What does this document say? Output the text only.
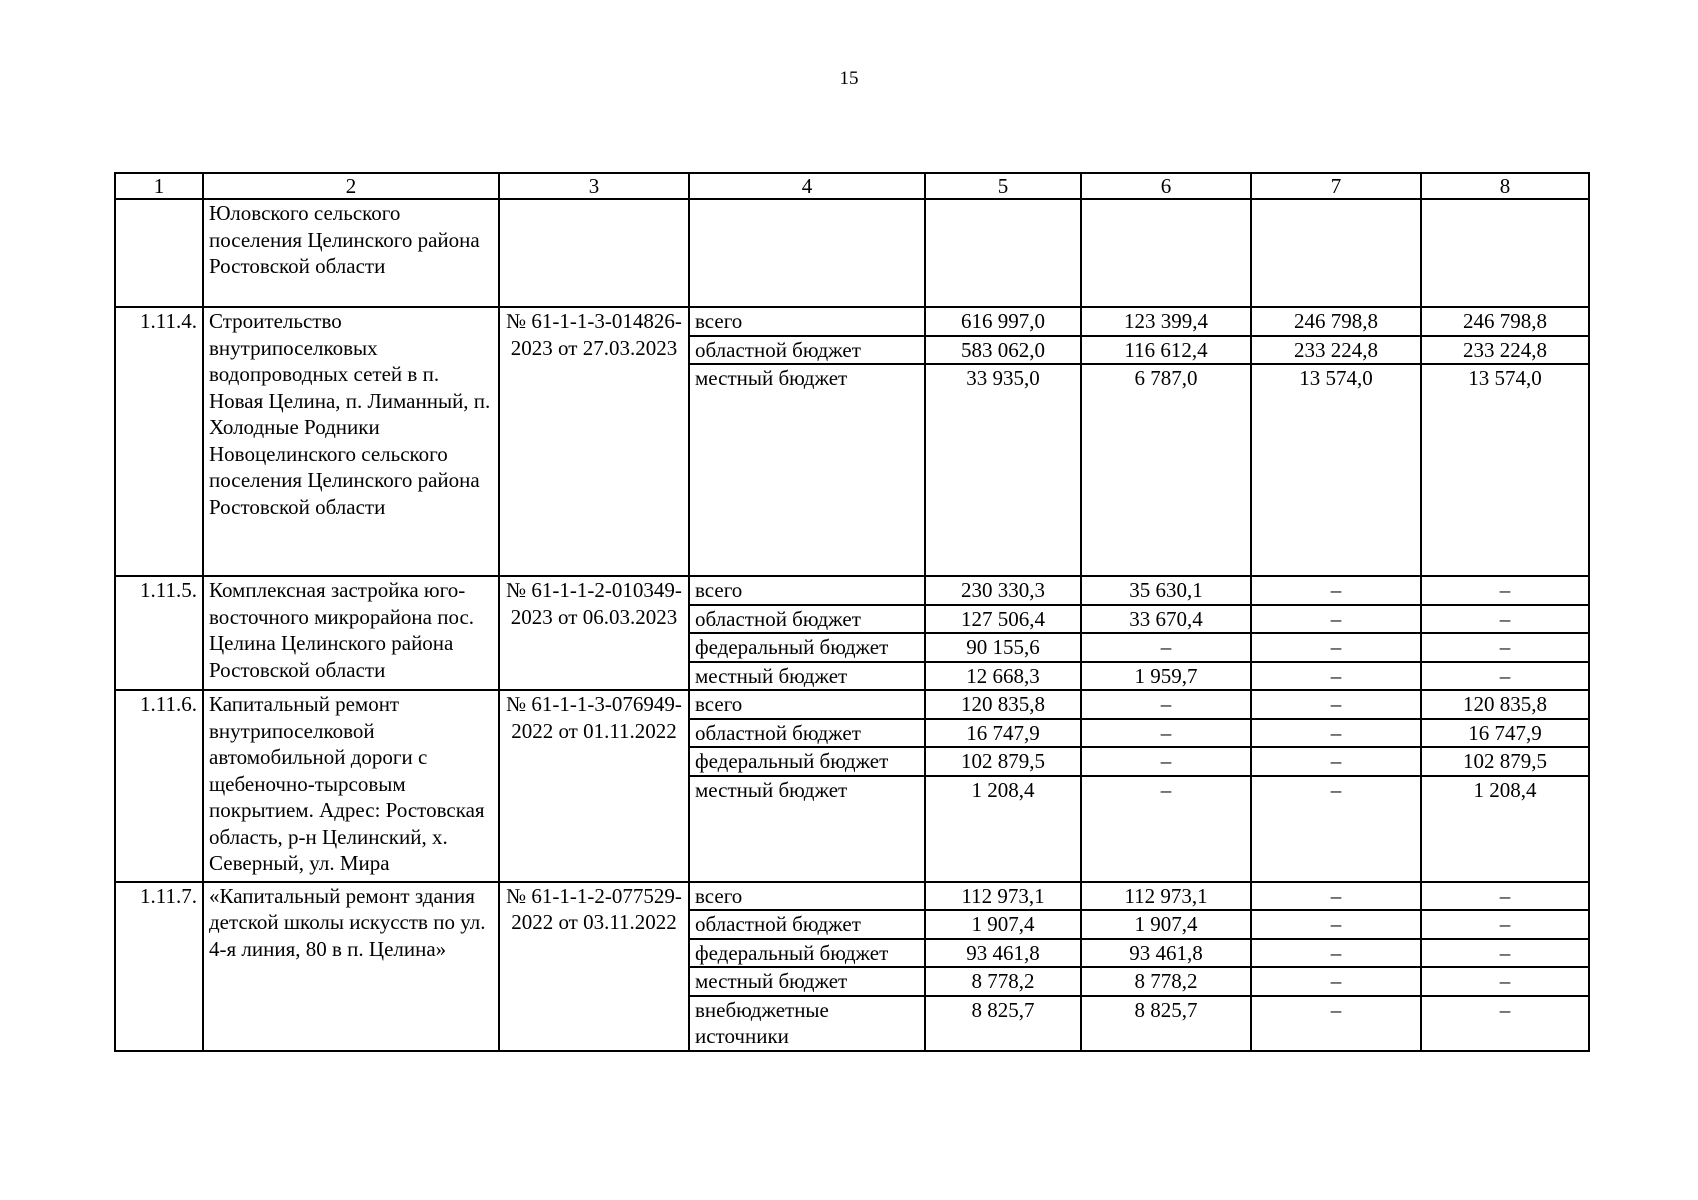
15
1	2	3	4	5	6	7	8
	Юловского сельского поселения Целинского района Ростовской области						
1.11.4.	Строительство внутрипоселковых водопроводных сетей в п. Новая Целина, п. Лиманный, п. Холодные Родники Новоцелинского сельского поселения Целинского района Ростовской области	№ 61-1-1-3-014826-2023 от 27.03.2023	всего	616 997,0	123 399,4	246 798,8	246 798,8
			областной бюджет	583 062,0	116 612,4	233 224,8	233 224,8
			местный бюджет	33 935,0	6 787,0	13 574,0	13 574,0
1.11.5.	Комплексная застройка юго-восточного микрорайона пос. Целина Целинского района Ростовской области	№ 61-1-1-2-010349-2023 от 06.03.2023	всего	230 330,3	35 630,1	–	–
			областной бюджет	127 506,4	33 670,4	–	–
			федеральный бюджет	90 155,6	–	–	–
			местный бюджет	12 668,3	1 959,7	–	–
1.11.6.	Капитальный ремонт внутрипоселковой автомобильной дороги с щебеночно-тырсовым покрытием. Адрес: Ростовская область, р-н Целинский, х. Северный, ул. Мира	№ 61-1-1-3-076949-2022 от 01.11.2022	всего	120 835,8	–	–	120 835,8
			областной бюджет	16 747,9	–	–	16 747,9
			федеральный бюджет	102 879,5	–	–	102 879,5
			местный бюджет	1 208,4	–	–	1 208,4
1.11.7.	«Капитальный ремонт здания детской школы искусств по ул. 4-я линия, 80 в п. Целина»	№ 61-1-1-2-077529-2022 от 03.11.2022	всего	112 973,1	112 973,1	–	–
			областной бюджет	1 907,4	1 907,4	–	–
			федеральный бюджет	93 461,8	93 461,8	–	–
			местный бюджет	8 778,2	8 778,2	–	–
			внебюджетные источники	8 825,7	8 825,7	–	–
